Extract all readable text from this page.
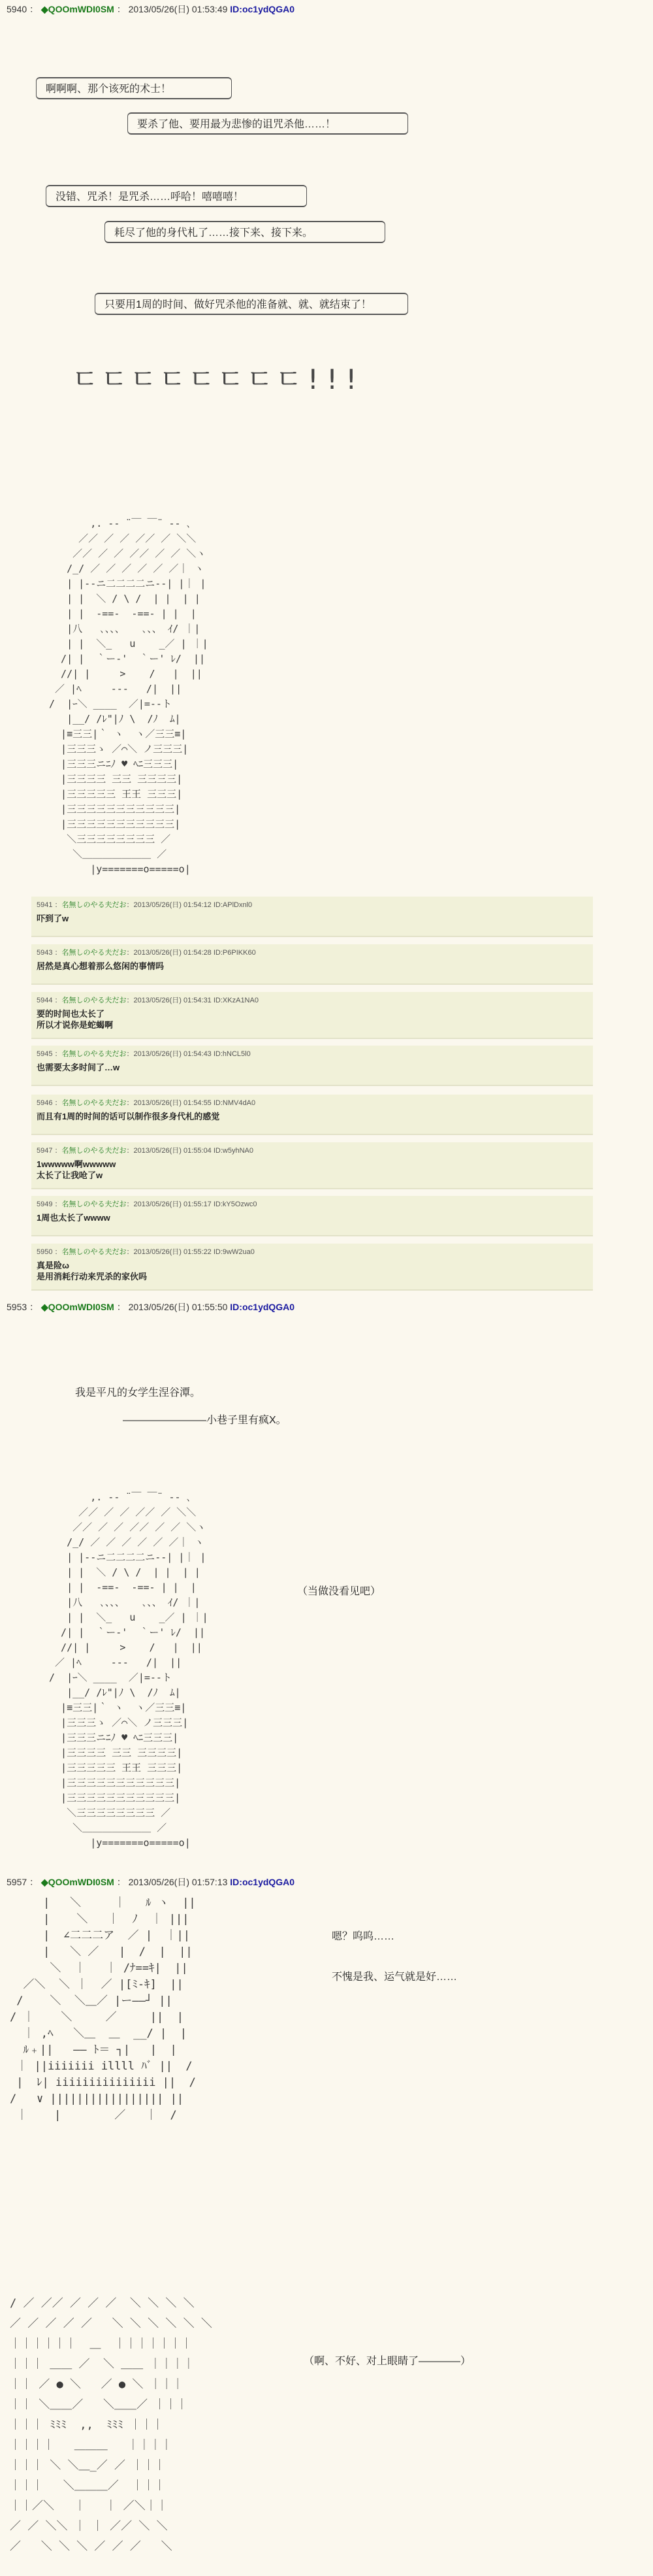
5940 ： ◆QOOmWDI0SM ： 2013/05/26(日) 01:53:49 ID:oc1ydQGA0
啊啊啊、那个该死的术士！
要杀了他、要用最为悲惨的诅咒杀他……！
没错、咒杀！是咒杀……呼哈！嘻嘻嘻！
耗尽了他的身代札了……接下来、接下来。
只要用1周的时间、做好咒杀他的准备就、就、就结束了！
ㄷㄷㄷㄷㄷㄷㄷㄷ!!!
,. -‐ ¨￣ ￣¨ ‐- ､
／／ ／ ／ ／／ ／ ＼＼
／／ ／ ／ ／／ ／ ／ ＼ヽ
/_/ ／ ／ ／ ／ ／ ／｜ ヽ
| |-‐ニ二二二二ニ‐-| |｜ |
| |  ＼ / \ /  | |  | |
| |  ‐==‐  ‐==‐ | |  |
|八   ､、、、   ､、、 ｲ/ ｜|
| |  ＼_   u    _／ | ｜|
/| |  ｀ー‐'  ｀ー' ﾚ/  ||
//| |     >    /   |  ||
／ |ﾍ     ‐-‐   /|  ||
/  |ｰ＼ ____  ／|=‐‐ト
|__/ /ﾚ"|ﾉ \  /ﾉ  ﾑ|
|≡三三|｀ ヽ  ヽ／三三≡|
|三三三ゝ ／⌒＼ ノ三三三|
|三三三ニﾆﾉ ♥ ﾍﾆ三三三|
|三三三三 三三 三三三三|
|三三三三三 王王 三三三|
|三三三三三三三三三三三|
|三三三三三三三三三三三|
＼三三三三三三三三 ／
＼＿＿＿＿＿＿＿ ／
|y=======o=====o|
5941 ：名無しのやる夫だお：2013/05/26(日) 01:54:12 ID:APlDxnl0
吓到了w
5943 ：名無しのやる夫だお：2013/05/26(日) 01:54:28 ID:P6PIKK60
居然是真心想着那么悠闲的事情吗
5944 ：名無しのやる夫だお：2013/05/26(日) 01:54:31 ID:XKzA1NA0
要的时间也太长了
所以才说你是蛇蝎啊
5945 ：名無しのやる夫だお：2013/05/26(日) 01:54:43 ID:hNCL5l0
也需要太多时间了…w
5946 ：名無しのやる夫だお：2013/05/26(日) 01:54:55 ID:NMV4dA0
而且有1周的时间的话可以制作很多身代札的感觉
5947 ：名無しのやる夫だお：2013/05/26(日) 01:55:04 ID:w5yhNA0
1wwwww啊wwwww
太长了让我呛了w
5949 ：名無しのやる夫だお：2013/05/26(日) 01:55:17 ID:kY5Ozwc0
1周也太长了wwww
5950 ：名無しのやる夫だお：2013/05/26(日) 01:55:22 ID:9wW2ua0
真是险ω
是用消耗行动来咒杀的家伙吗
5953 ： ◆QOOmWDI0SM ： 2013/05/26(日) 01:55:50 ID:oc1ydQGA0
我是平凡的女学生涅谷潭。
――――――――小巷子里有疯X。
,. -‐ ¨￣ ￣¨ ‐- ､
／／ ／ ／ ／／ ／ ＼＼
／／ ／ ／ ／／ ／ ／ ＼ヽ
/_/ ／ ／ ／ ／ ／ ／｜ ヽ
| |-‐ニ二二二二ニ‐-| |｜ |
| |  ＼ / \ /  | |  | |
| |  ‐==‐  ‐==‐ | |  |
|八   ､、、、   ､、、 ｲ/ ｜|
| |  ＼_   u    _／ | ｜|
/| |  ｀ー‐'  ｀ー' ﾚ/  ||
//| |     >    /   |  ||
／ |ﾍ     ‐-‐   /|  ||
/  |ｰ＼ ____  ／|=‐‐ト
|__/ /ﾚ"|ﾉ \  /ﾉ  ﾑ|
|≡三三|｀ ヽ  ヽ／三三≡|
|三三三ゝ ／⌒＼ ノ三三三|
|三三三ニﾆﾉ ♥ ﾍﾆ三三三|
|三三三三 三三 三三三三|
|三三三三三 王王 三三三|
|三三三三三三三三三三三|
|三三三三三三三三三三三|
＼三三三三三三三三 ／
＼＿＿＿＿＿＿＿ ／
|y=======o=====o|
（当做没看见吧）
5957 ： ◆QOOmWDI0SM ： 2013/05/26(日) 01:57:13 ID:oc1ydQGA0
|   ＼     ｜   ﾙ ヽ  ||
|    ＼   ｜  ﾉ  ｜ |||
|  ∠二二二ア  ／ |  ｜||
|   ＼ ／   |  /  |  ||
＼  ｜   ｜ /ﾅ==ｷ|  ||
／＼  ＼ ｜  ／ |[ﾐ-ｷ]  ||
/    ＼  ＼＿／ |ー――┘ ||
/ ｜    ＼     ／     ||  |
｜ ,ﾍ   ＼＿  ＿  __/ |  |
ﾙ﹢||   ―― ﾄ＝ ┐|   |  |
｜ ||iiiiiii illll ﾊﾞ ||  /
|  ﾚ| iiiiiiiiiiiiiii ||  /
/   ∨ ||||||||||||||||| ||
｜    |        ／   ｜  /
嗯？呜呜……
不愧是我、运气就是好……
/ ／ ／／ ／ ／ ／  ＼ ＼ ＼ ＼
／ ／ ／ ／ ／   ＼ ＼ ＼ ＼ ＼ ＼
｜｜｜｜｜｜  ＿  ｜｜｜｜｜｜｜
｜｜｜ ＿＿ ／  ＼ ＿＿ ｜｜｜｜
｜｜ ／ ● ＼   ／ ● ＼ ｜｜｜
｜｜ ＼＿＿／   ＼＿＿／ ｜｜｜
｜｜｜ ﾐﾐﾐ  ,,  ﾐﾐﾐ ｜｜｜
｜｜｜｜   ＿＿＿   ｜｜｜｜
｜｜｜ ＼ ＼＿_／ ／ ｜｜｜
｜｜｜   ＼＿＿＿／  ｜｜｜
｜｜／＼   ｜   ｜ ／＼｜｜
／ ／ ＼＼ ｜ ｜ ／／ ＼ ＼
／   ＼ ＼ ＼ ／ ／ ／   ＼
（啊、不好、对上眼睛了――――）
